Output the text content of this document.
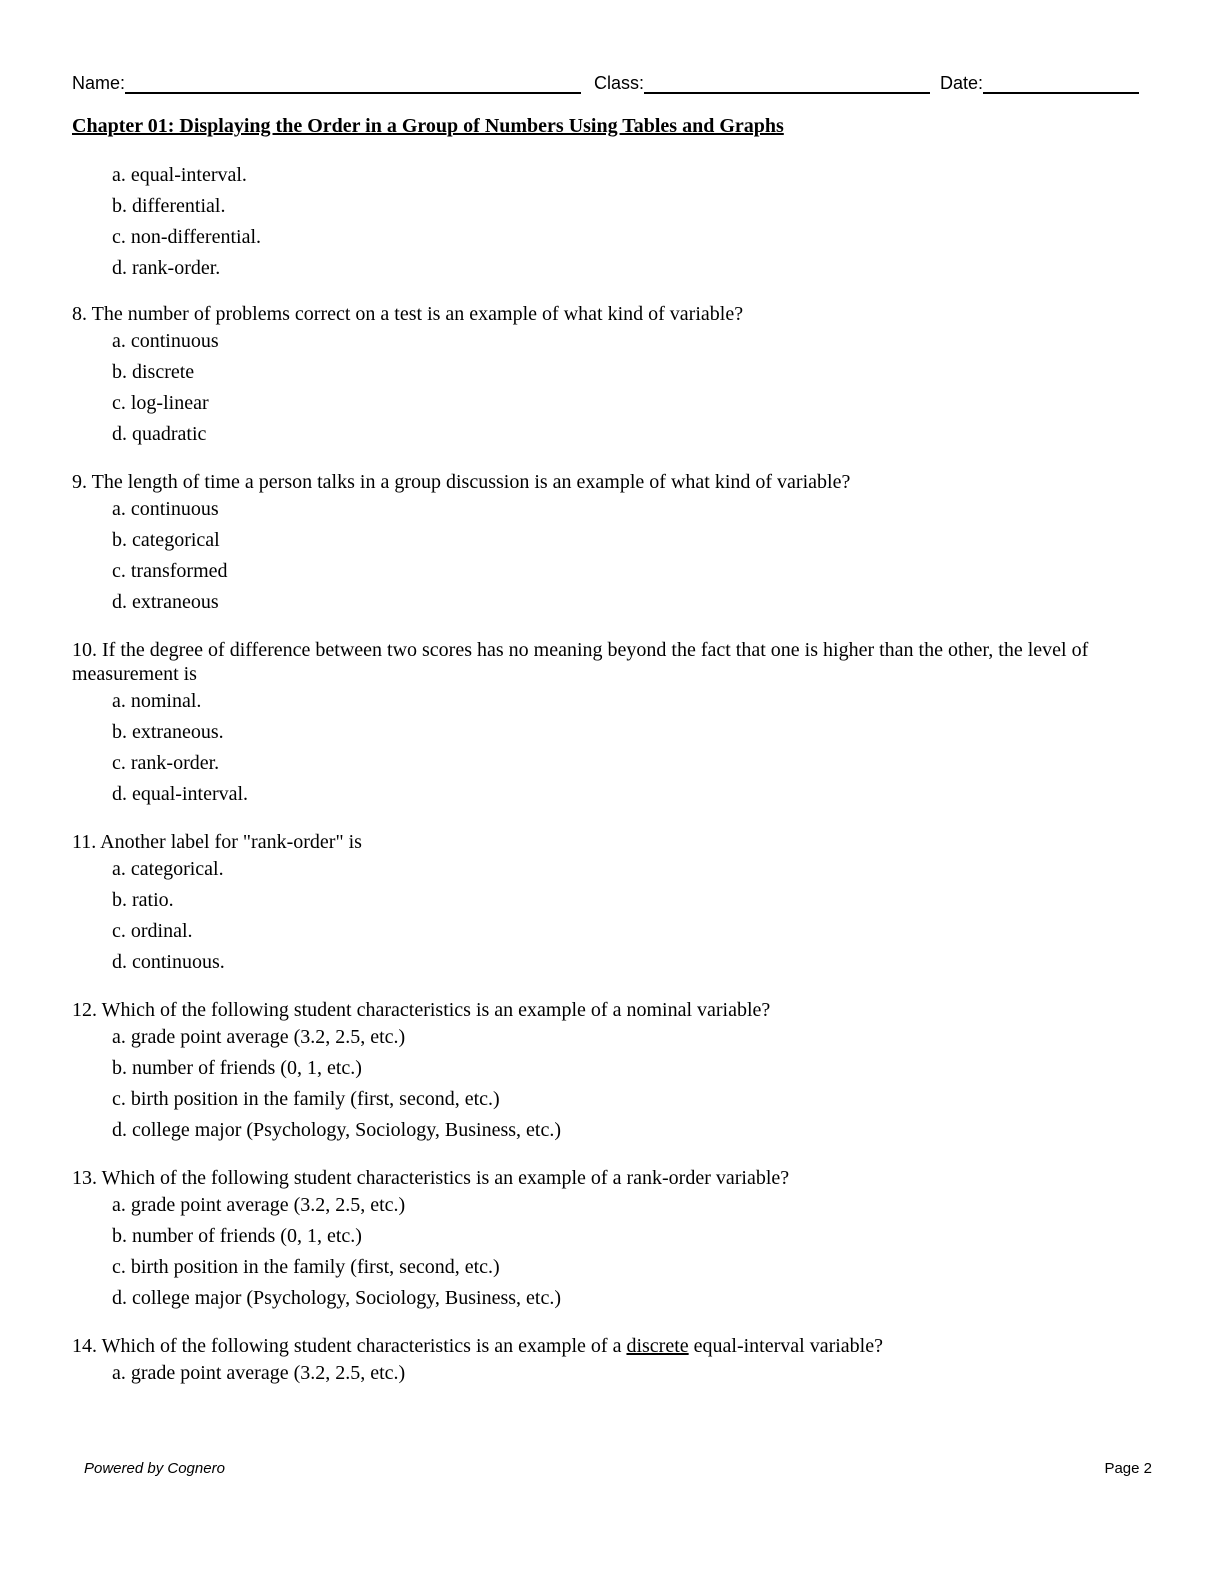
Name:	Class:	Date:
Chapter 01: Displaying the Order in a Group of Numbers Using Tables and Graphs
a. equal-interval.
b. differential.
c. non-differential.
d. rank-order.
8. The number of problems correct on a test is an example of what kind of variable?
a. continuous
b. discrete
c. log-linear
d. quadratic
9. The length of time a person talks in a group discussion is an example of what kind of variable?
a. continuous
b. categorical
c. transformed
d. extraneous
10. If the degree of difference between two scores has no meaning beyond the fact that one is higher than the other, the level of measurement is
a. nominal.
b. extraneous.
c. rank-order.
d. equal-interval.
11. Another label for "rank-order" is
a. categorical.
b. ratio.
c. ordinal.
d. continuous.
12. Which of the following student characteristics is an example of a nominal variable?
a. grade point average (3.2, 2.5, etc.)
b. number of friends (0, 1, etc.)
c. birth position in the family (first, second, etc.)
d. college major (Psychology, Sociology, Business, etc.)
13. Which of the following student characteristics is an example of a rank-order variable?
a. grade point average (3.2, 2.5, etc.)
b. number of friends (0, 1, etc.)
c. birth position in the family (first, second, etc.)
d. college major (Psychology, Sociology, Business, etc.)
14. Which of the following student characteristics is an example of a discrete equal-interval variable?
a. grade point average (3.2, 2.5, etc.)
Powered by Cognero	Page 2
